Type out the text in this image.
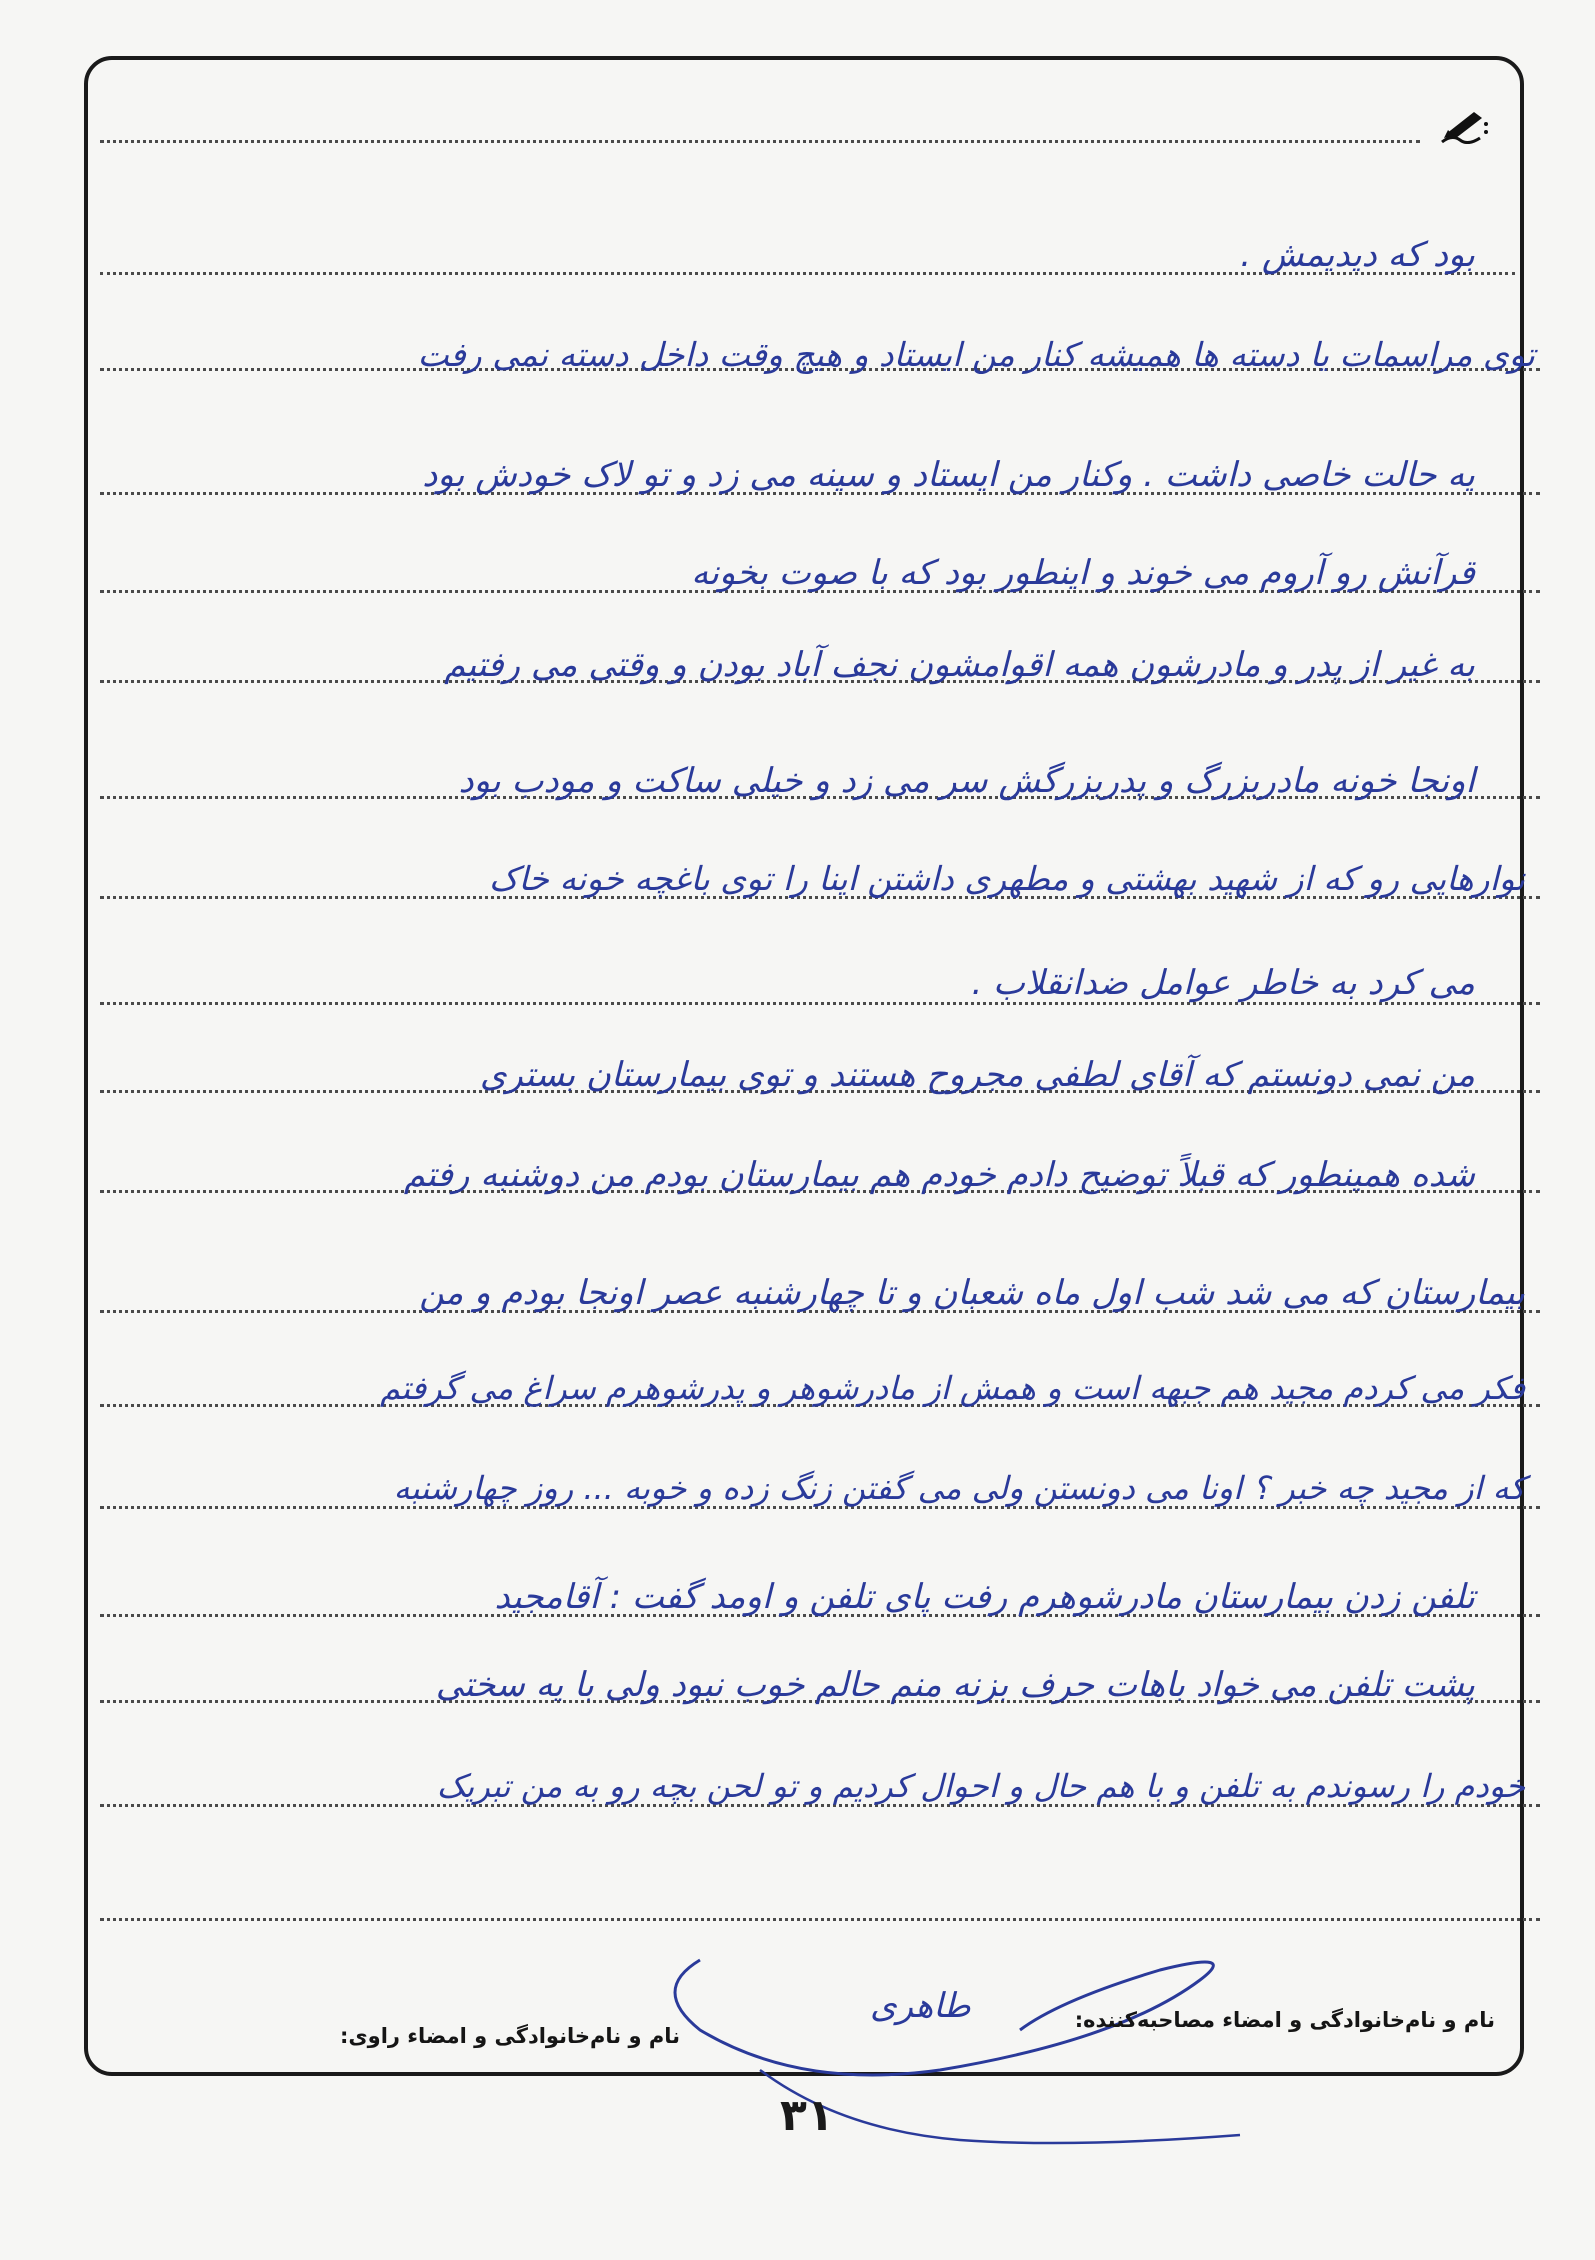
بود که دیدیمش .
توی مراسمات یا دسته ها همیشه کنار من ایستاد و هیچ وقت داخل دسته نمی رفت
یه حالت خاصی داشت . وکنار من ایستاد و سینه می زد و تو لاک خودش بود
قرآنش رو آروم می خوند و اینطور بود که با صوت بخونه
به غیر از پدر و مادرشون همه اقوامشون نجف آباد بودن و وقتی می رفتیم
اونجا خونه مادربزرگ و پدربزرگش سر می زد و خیلی ساکت و مودب بود
نوارهایی رو که از شهید بهشتی و مطهری داشتن اینا را توی باغچه خونه خاک
می کرد به خاطر عوامل ضدانقلاب .
من نمی دونستم که آقای لطفی مجروح هستند و توی بیمارستان بستری
شده همینطور که قبلاً توضیح دادم خودم هم بیمارستان بودم من دوشنبه رفتم
بیمارستان که می شد شب اول ماه شعبان و تا چهارشنبه عصر اونجا بودم و من
فکر می کردم مجید هم جبهه است و همش از مادرشوهر و پدرشوهرم سراغ می گرفتم
که از مجید چه خبر ؟ اونا می دونستن ولی می گفتن زنگ زده و خوبه ... روز چهارشنبه
تلفن زدن بیمارستان مادرشوهرم رفت پای تلفن و اومد گفت : آقامجید
پشت تلفن می خواد باهات حرف بزنه منم حالم خوب نبود ولی با یه سختی
خودم را رسوندم به تلفن و با هم حال و احوال کردیم و تو لحن بچه رو به من تبریک
نام و نام‌خانوادگی و امضاء مصاحبه‌کننده:
طاهری
نام و نام‌خانوادگی و امضاء راوی:
۳۱
